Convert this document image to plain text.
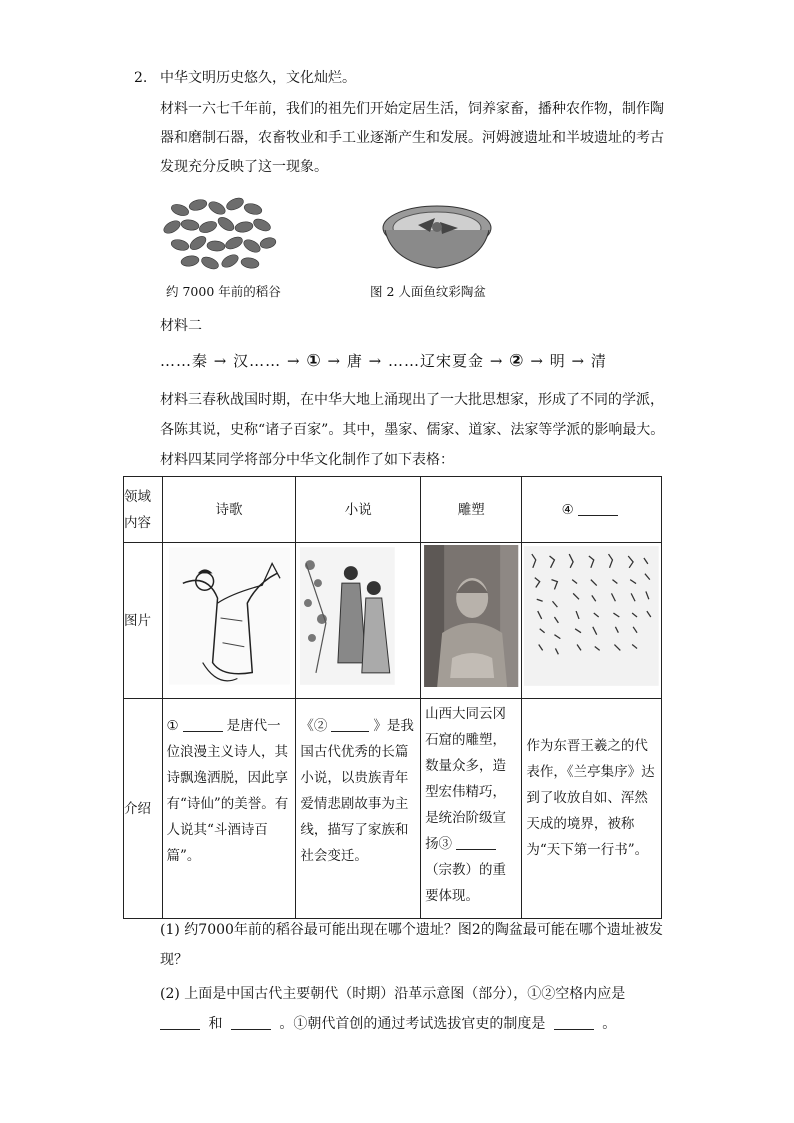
2. 中华文明历史悠久，文化灿烂。
材料一六七千年前，我们的祖先们开始定居生活，饲养家畜，播种农作物，制作陶
器和磨制石器，农畜牧业和手工业逐渐产生和发展。河姆渡遗址和半坡遗址的考古
发现充分反映了这一现象。
约 7000 年前的稻谷	图 2 人面鱼纹彩陶盆
材料二
……秦 → 汉…… → ① → 唐 → ……辽宋夏金 → ② → 明 → 清
材料三春秋战国时期，在中华大地上涌现出了一大批思想家，形成了不同的学派，
各陈其说，史称“诸子百家”。其中，墨家、儒家、道家、法家等学派的影响最大。
材料四某同学将部分中华文化制作了如下表格：
领域
内容	诗歌	小说	雕塑	④
图片				
介绍	① 是唐代一位浪漫主义诗人，其诗飘逸洒脱，因此享有“诗仙”的美誉。有人说其“斗酒诗百篇”。	《② 》是我国古代优秀的长篇小说，以贵族青年爱情悲剧故事为主线，描写了家族和社会变迁。	山西大同云冈石窟的雕塑，数量众多，造型宏伟精巧，是统治阶级宣扬③（宗教）的重要体现。	作为东晋王羲之的代表作，《兰亭集序》达到了收放自如、浑然天成的境界，被称为“天下第一行书”。
(1) 约7000年前的稻谷最可能出现在哪个遗址？图2的陶盆最可能在哪个遗址被发
现？
(2) 上面是中国古代主要朝代（时期）沿革示意图（部分），①②空格内应是
和	。①朝代首创的通过考试选拔官吏的制度是	。
